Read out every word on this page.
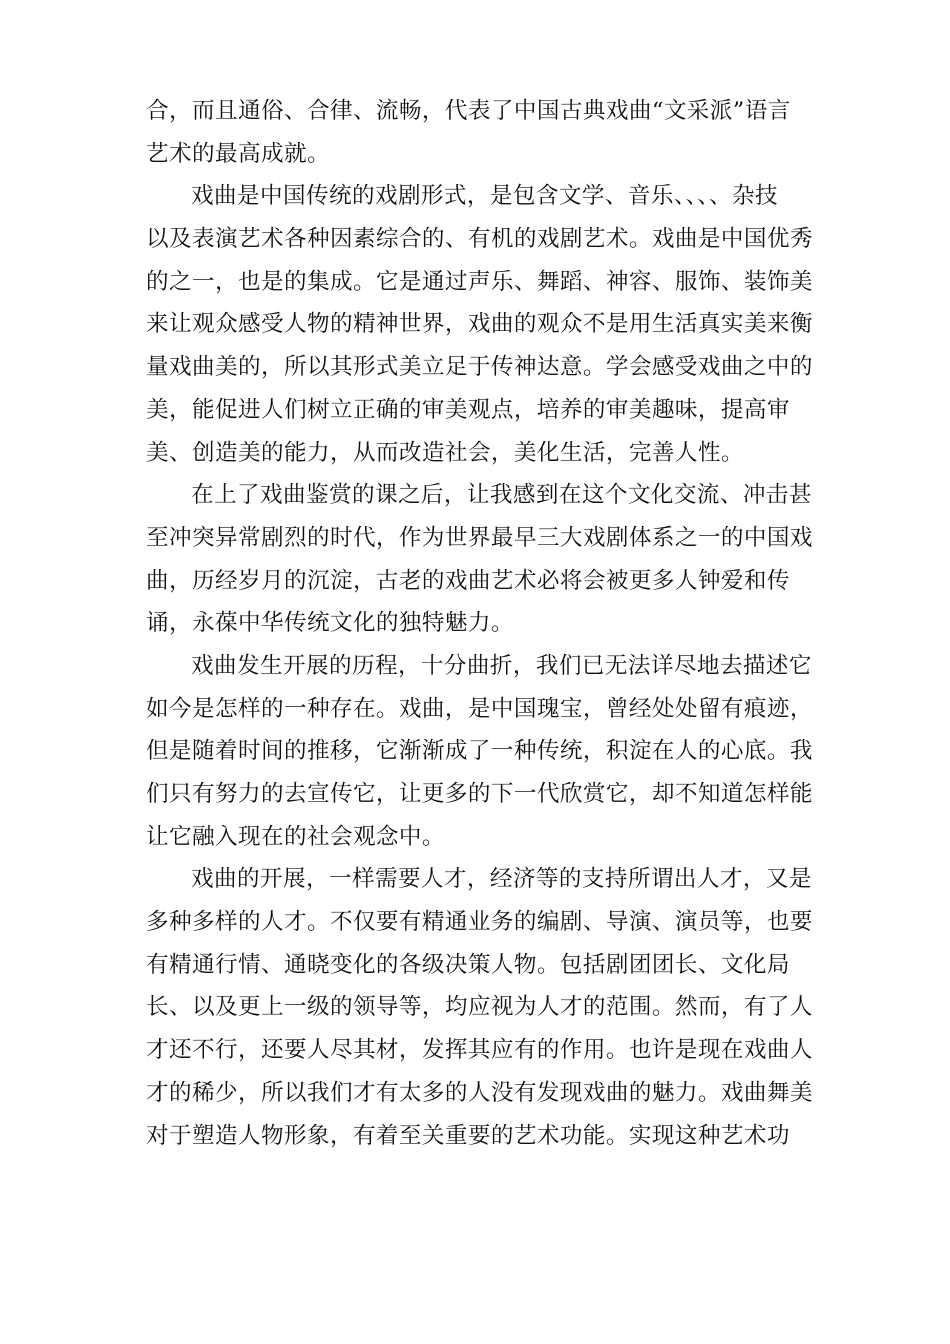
合，而且通俗、合律、流畅，代表了中国古典戏曲“文采派”语言
艺术的最高成就。
戏曲是中国传统的戏剧形式，是包含文学、音乐、、、、杂技
以及表演艺术各种因素综合的、有机的戏剧艺术。戏曲是中国优秀
的之一，也是的集成。它是通过声乐、舞蹈、神容、服饰、装饰美
来让观众感受人物的精神世界，戏曲的观众不是用生活真实美来衡
量戏曲美的，所以其形式美立足于传神达意。学会感受戏曲之中的
美，能促进人们树立正确的审美观点，培养的审美趣味，提高审
美、创造美的能力，从而改造社会，美化生活，完善人性。
在上了戏曲鉴赏的课之后，让我感到在这个文化交流、冲击甚
至冲突异常剧烈的时代，作为世界最早三大戏剧体系之一的中国戏
曲，历经岁月的沉淀，古老的戏曲艺术必将会被更多人钟爱和传
诵，永葆中华传统文化的独特魅力。
戏曲发生开展的历程，十分曲折，我们已无法详尽地去描述它
如今是怎样的一种存在。戏曲，是中国瑰宝，曾经处处留有痕迹，
但是随着时间的推移，它渐渐成了一种传统，积淀在人的心底。我
们只有努力的去宣传它，让更多的下一代欣赏它，却不知道怎样能
让它融入现在的社会观念中。
戏曲的开展，一样需要人才，经济等的支持所谓出人才，又是
多种多样的人才。不仅要有精通业务的编剧、导演、演员等，也要
有精通行情、通晓变化的各级决策人物。包括剧团团长、文化局
长、以及更上一级的领导等，均应视为人才的范围。然而，有了人
才还不行，还要人尽其材，发挥其应有的作用。也许是现在戏曲人
才的稀少，所以我们才有太多的人没有发现戏曲的魅力。戏曲舞美
对于塑造人物形象，有着至关重要的艺术功能。实现这种艺术功
